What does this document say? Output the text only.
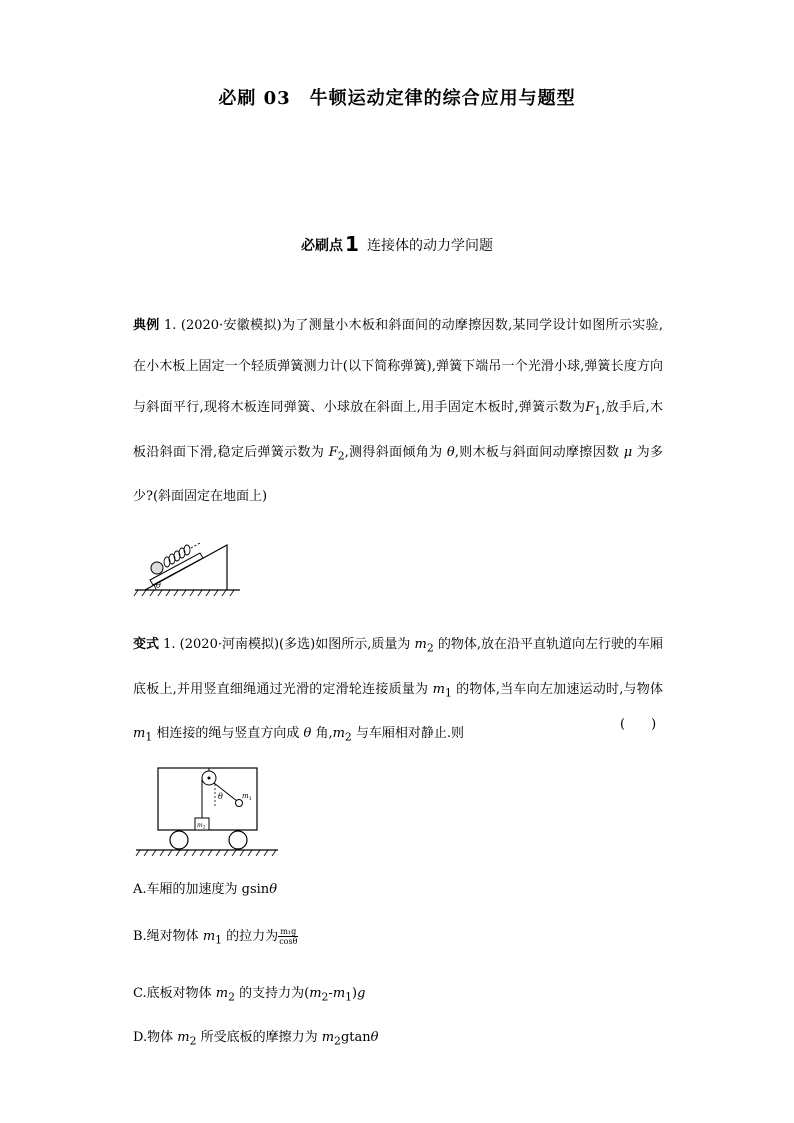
必刷 03　牛顿运动定律的综合应用与题型
必刷点 1 连接体的动力学问题
典例 1. (2020·安徽模拟)为了测量小木板和斜面间的动摩擦因数,某同学设计如图所示实验,在小木板上固定一个轻质弹簧测力计(以下简称弹簧),弹簧下端吊一个光滑小球,弹簧长度方向与斜面平行,现将木板连同弹簧、小球放在斜面上,用手固定木板时,弹簧示数为$F_1$,放手后,木板沿斜面下滑,稳定后弹簧示数为 $F_2$,测得斜面倾角为 θ,则木板与斜面间动摩擦因数 μ 为多少?(斜面固定在地面上)
θ
变式 1. (2020·河南模拟)(多选)如图所示,质量为 $m_2$ 的物体,放在沿平直轨道向左行驶的车厢底板上,并用竖直细绳通过光滑的定滑轮连接质量为 $m_1$ 的物体,当车向左加速运动时,与物体 $m_1$ 相连接的绳与竖直方向成 θ 角$,m_2$ 与车厢相对静止.则
(　　)
θ	$m_1$
$m_2$
A.车厢的加速度为 gsinθ
B.绳对物体 $m_1$ 的拉力为 $\frac{\text{m₁g}}{\cos\theta}$
C.底板对物体 $m_2$ 的支持力为$(m_2-m_1)g$
D.物体 $m_2$ 所受底板的摩擦力为 $m_2gtan\theta$
